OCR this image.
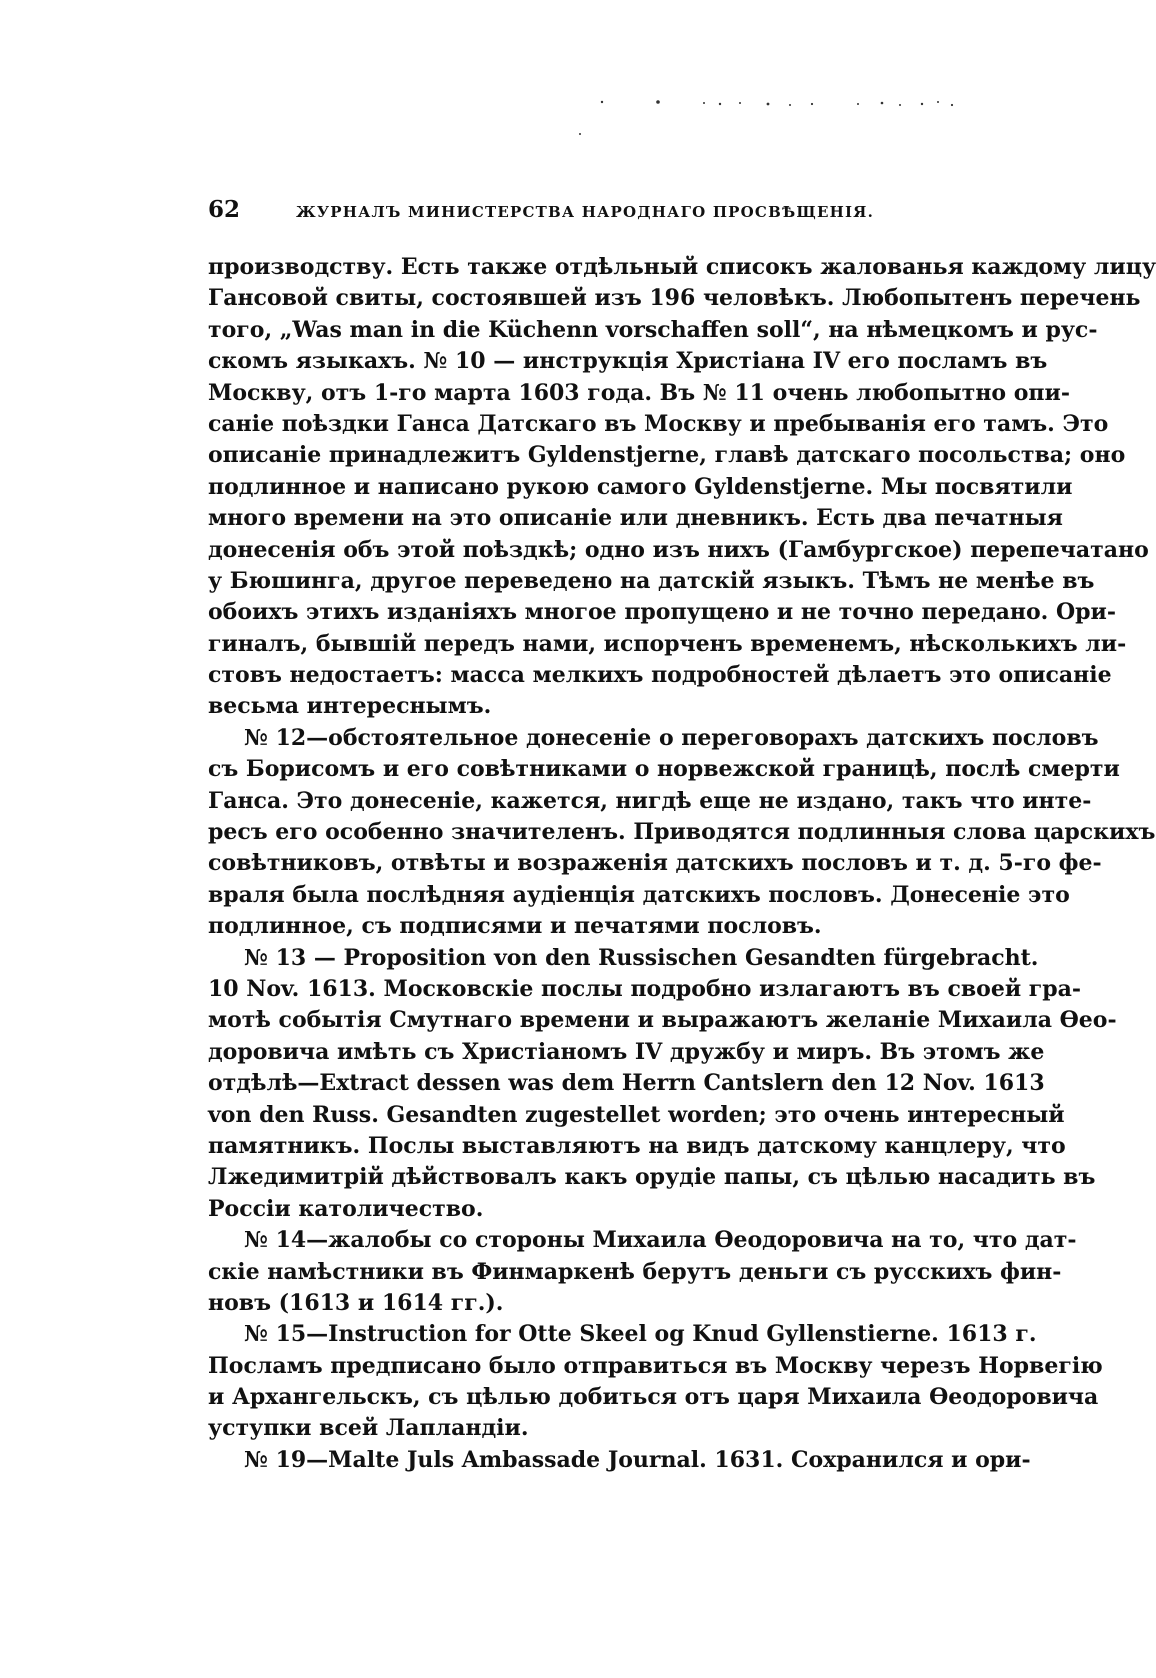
62	ЖУРНАЛЪ МИНИСТЕРСТВА НАРОДНАГО ПРОСВѢЩЕНІЯ.
производству. Есть также отдѣльный списокъ жалованья каждому лицу
Гансовой свиты, состоявшей изъ 196 человѣкъ. Любопытенъ перечень
того, „Was man in die Küchenn vorschaffen soll“, на нѣмецкомъ и рус-
скомъ языкахъ. № 10 — инструкція Христіана IV его посламъ въ
Москву, отъ 1-го марта 1603 года. Въ № 11 очень любопытно опи-
саніе поѣздки Ганса Датскаго въ Москву и пребыванія его тамъ. Это
описаніе принадлежитъ Gyldenstjerne, главѣ датскаго посольства; оно
подлинное и написано рукою самого Gyldenstjerne. Мы посвятили
много времени на это описаніе или дневникъ. Есть два печатныя
донесенія объ этой поѣздкѣ; одно изъ нихъ (Гамбургское) перепечатано
у Бюшинга, другое переведено на датскій языкъ. Тѣмъ не менѣе въ
обоихъ этихъ изданіяхъ многое пропущено и не точно передано. Ори-
гиналъ, бывшій передъ нами, испорченъ временемъ, нѣсколькихъ ли-
стовъ недостаетъ: масса мелкихъ подробностей дѣлаетъ это описаніе
весьма интереснымъ.
№ 12—обстоятельное донесеніе о переговорахъ датскихъ пословъ
съ Борисомъ и его совѣтниками о норвежской границѣ, послѣ смерти
Ганса. Это донесеніе, кажется, нигдѣ еще не издано, такъ что инте-
ресъ его особенно значителенъ. Приводятся подлинныя слова царскихъ
совѣтниковъ, отвѣты и возраженія датскихъ пословъ и т. д. 5-го фе-
враля была послѣдняя аудіенція датскихъ пословъ. Донесеніе это
подлинное, съ подписями и печатями пословъ.
№ 13 — Proposition von den Russischen Gesandten fürgebracht.
10 Nov. 1613. Московскіе послы подробно излагаютъ въ своей гра-
мотѣ событія Смутнаго времени и выражаютъ желаніе Михаила Ѳео-
доровича имѣть съ Христіаномъ IV дружбу и миръ. Въ этомъ же
отдѣлѣ—Extract dessen was dem Herrn Cantslern den 12 Nov. 1613
von den Russ. Gesandten zugestellet worden; это очень интересный
памятникъ. Послы выставляютъ на видъ датскому канцлеру, что
Лжедимитрій дѣйствовалъ какъ орудіе папы, съ цѣлью насадить въ
Россіи католичество.
№ 14—жалобы со стороны Михаила Ѳеодоровича на то, что дат-
скіе намѣстники въ Финмаркенѣ берутъ деньги съ русскихъ фин-
новъ (1613 и 1614 гг.).
№ 15—Instruction for Otte Skeel og Knud Gyllenstierne. 1613 г.
Посламъ предписано было отправиться въ Москву черезъ Норвегію
и Архангельскъ, съ цѣлью добиться отъ царя Михаила Ѳеодоровича
уступки всей Лапландіи.
№ 19—Malte Juls Ambassade Journal. 1631. Сохранился и ори-
